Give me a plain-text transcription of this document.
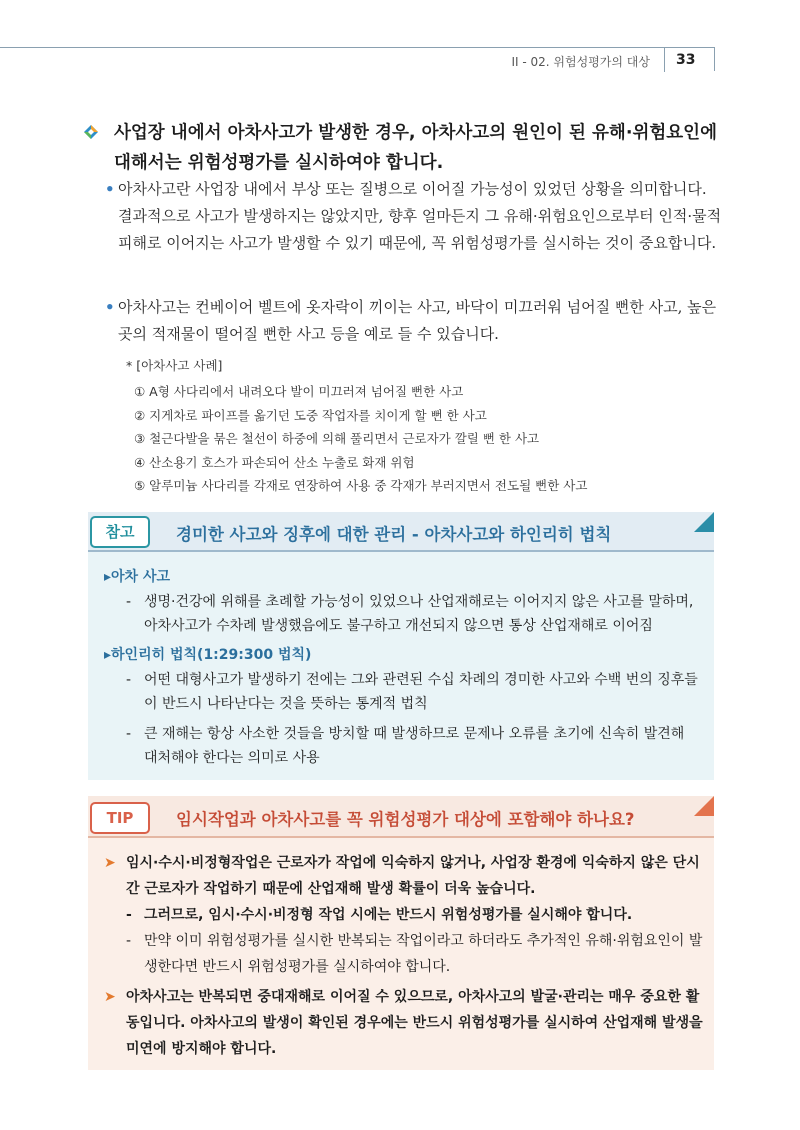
II - 02. 위험성평가의 대상 33
사업장 내에서 아차사고가 발생한 경우, 아차사고의 원인이 된 유해·위험요인에 대해서는 위험성평가를 실시하여야 합니다.
• 아차사고란 사업장 내에서 부상 또는 질병으로 이어질 가능성이 있었던 상황을 의미합니다. 결과적으로 사고가 발생하지는 않았지만, 향후 얼마든지 그 유해·위험요인으로부터 인적·물적 피해로 이어지는 사고가 발생할 수 있기 때문에, 꼭 위험성평가를 실시하는 것이 중요합니다.
• 아차사고는 컨베이어 벨트에 옷자락이 끼이는 사고, 바닥이 미끄러워 넘어질 뻔한 사고, 높은 곳의 적재물이 떨어질 뻔한 사고 등을 예로 들 수 있습니다.
* [아차사고 사례]
① A형 사다리에서 내려오다 발이 미끄러져 넘어질 뻔한 사고
② 지게차로 파이프를 옮기던 도중 작업자를 치이게 할 뻔 한 사고
③ 철근다발을 묶은 철선이 하중에 의해 풀리면서 근로자가 깔릴 뻔 한 사고
④ 산소용기 호스가 파손되어 산소 누출로 화재 위험
⑤ 알루미늄 사다리를 각재로 연장하여 사용 중 각재가 부러지면서 전도될 뻔한 사고
참고	경미한 사고와 징후에 대한 관리 - 아차사고와 하인리히 법칙
▸아차 사고
- 생명·건강에 위해를 초례할 가능성이 있었으나 산업재해로는 이어지지 않은 사고를 말하며, 아차사고가 수차례 발생했음에도 불구하고 개선되지 않으면 통상 산업재해로 이어짐
▸하인리히 법칙(1:29:300 법칙)
- 어떤 대형사고가 발생하기 전에는 그와 관련된 수십 차례의 경미한 사고와 수백 번의 징후들이 반드시 나타난다는 것을 뜻하는 통계적 법칙
- 큰 재해는 항상 사소한 것들을 방치할 때 발생하므로 문제나 오류를 초기에 신속히 발견해 대처해야 한다는 의미로 사용
TIP	임시작업과 아차사고를 꼭 위험성평가 대상에 포함해야 하나요?
➤ 임시·수시·비정형작업은 근로자가 작업에 익숙하지 않거나, 사업장 환경에 익숙하지 않은 단시간 근로자가 작업하기 때문에 산업재해 발생 확률이 더욱 높습니다.
- 그러므로, 임시·수시·비정형 작업 시에는 반드시 위험성평가를 실시해야 합니다.
- 만약 이미 위험성평가를 실시한 반복되는 작업이라고 하더라도 추가적인 유해·위험요인이 발생한다면 반드시 위험성평가를 실시하여야 합니다.
➤ 아차사고는 반복되면 중대재해로 이어질 수 있으므로, 아차사고의 발굴·관리는 매우 중요한 활동입니다. 아차사고의 발생이 확인된 경우에는 반드시 위험성평가를 실시하여 산업재해 발생을 미연에 방지해야 합니다.
